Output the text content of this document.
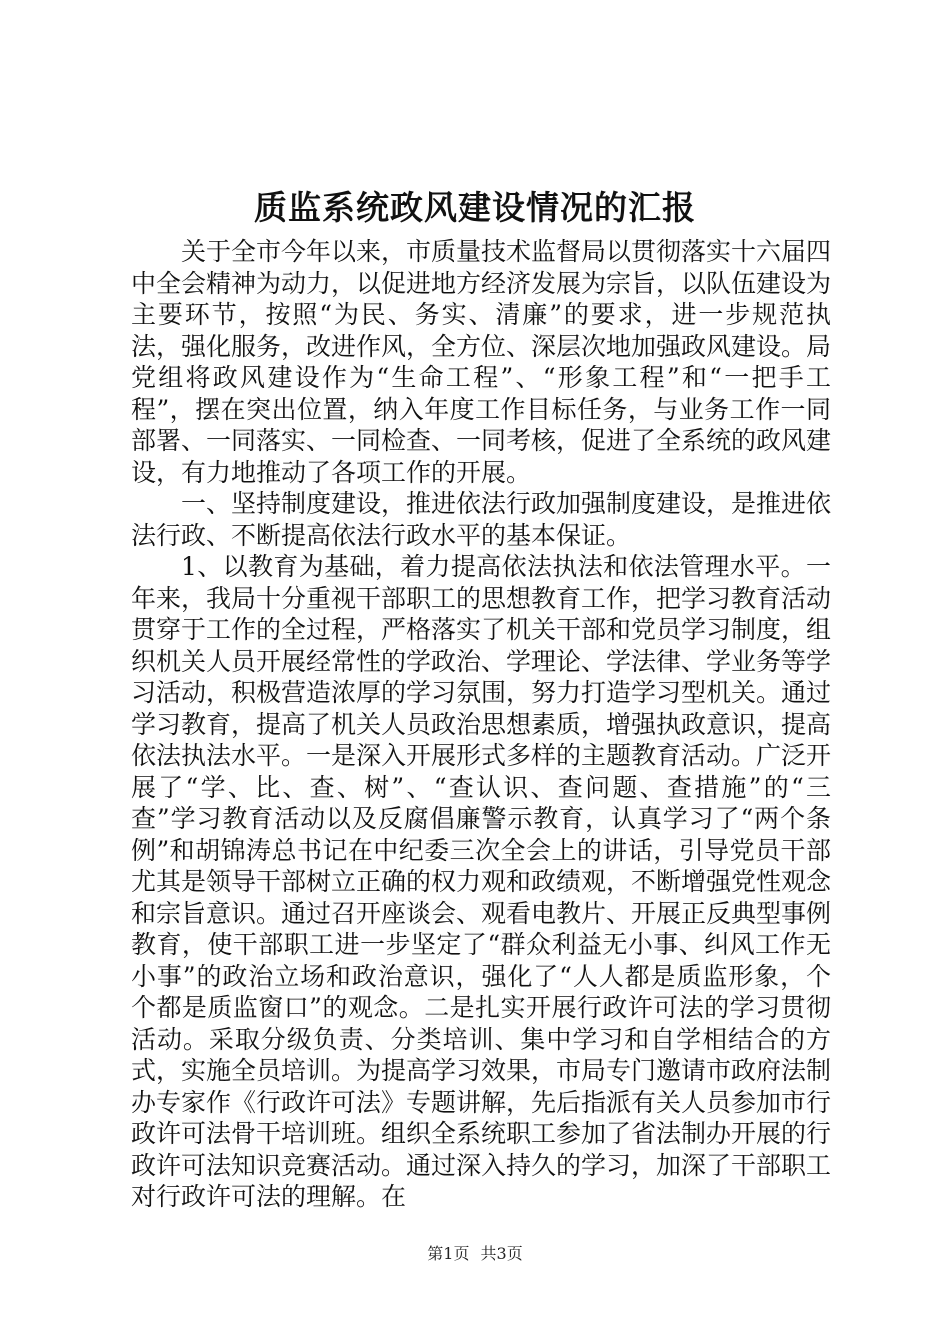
质监系统政风建设情况的汇报

关于全市今年以来，市质量技术监督局以贯彻落实十六届四中全会精神为动力，以促进地方经济发展为宗旨，以队伍建设为主要环节，按照“为民、务实、清廉”的要求，进一步规范执法，强化服务，改进作风，全方位、深层次地加强政风建设。局党组将政风建设作为“生命工程”、“形象工程”和“一把手工程”，摆在突出位置，纳入年度工作目标任务，与业务工作一同部署、一同落实、一同检查、一同考核，促进了全系统的政风建设，有力地推动了各项工作的开展。

一、坚持制度建设，推进依法行政加强制度建设，是推进依法行政、不断提高依法行政水平的基本保证。

1、以教育为基础，着力提高依法执法和依法管理水平。一年来，我局十分重视干部职工的思想教育工作，把学习教育活动贯穿于工作的全过程，严格落实了机关干部和党员学习制度，组织机关人员开展经常性的学政治、学理论、学法律、学业务等学习活动，积极营造浓厚的学习氛围，努力打造学习型机关。通过学习教育，提高了机关人员政治思想素质，增强执政意识，提高依法执法水平。一是深入开展形式多样的主题教育活动。广泛开展了“学、比、查、树”、“查认识、查问题、查措施”的“三查”学习教育活动以及反腐倡廉警示教育，认真学习了“两个条例”和胡锦涛总书记在中纪委三次全会上的讲话，引导党员干部尤其是领导干部树立正确的权力观和政绩观，不断增强党性观念和宗旨意识。通过召开座谈会、观看电教片、开展正反典型事例教育，使干部职工进一步坚定了“群众利益无小事、纠风工作无小事”的政治立场和政治意识，强化了“人人都是质监形象，个个都是质监窗口”的观念。二是扎实开展行政许可法的学习贯彻活动。采取分级负责、分类培训、集中学习和自学相结合的方式，实施全员培训。为提高学习效果，市局专门邀请市政府法制办专家作《行政许可法》专题讲解，先后指派有关人员参加市行政许可法骨干培训班。组织全系统职工参加了省法制办开展的行政许可法知识竞赛活动。通过深入持久的学习，加深了干部职工对行政许可法的理解。在

第1页 共3页
